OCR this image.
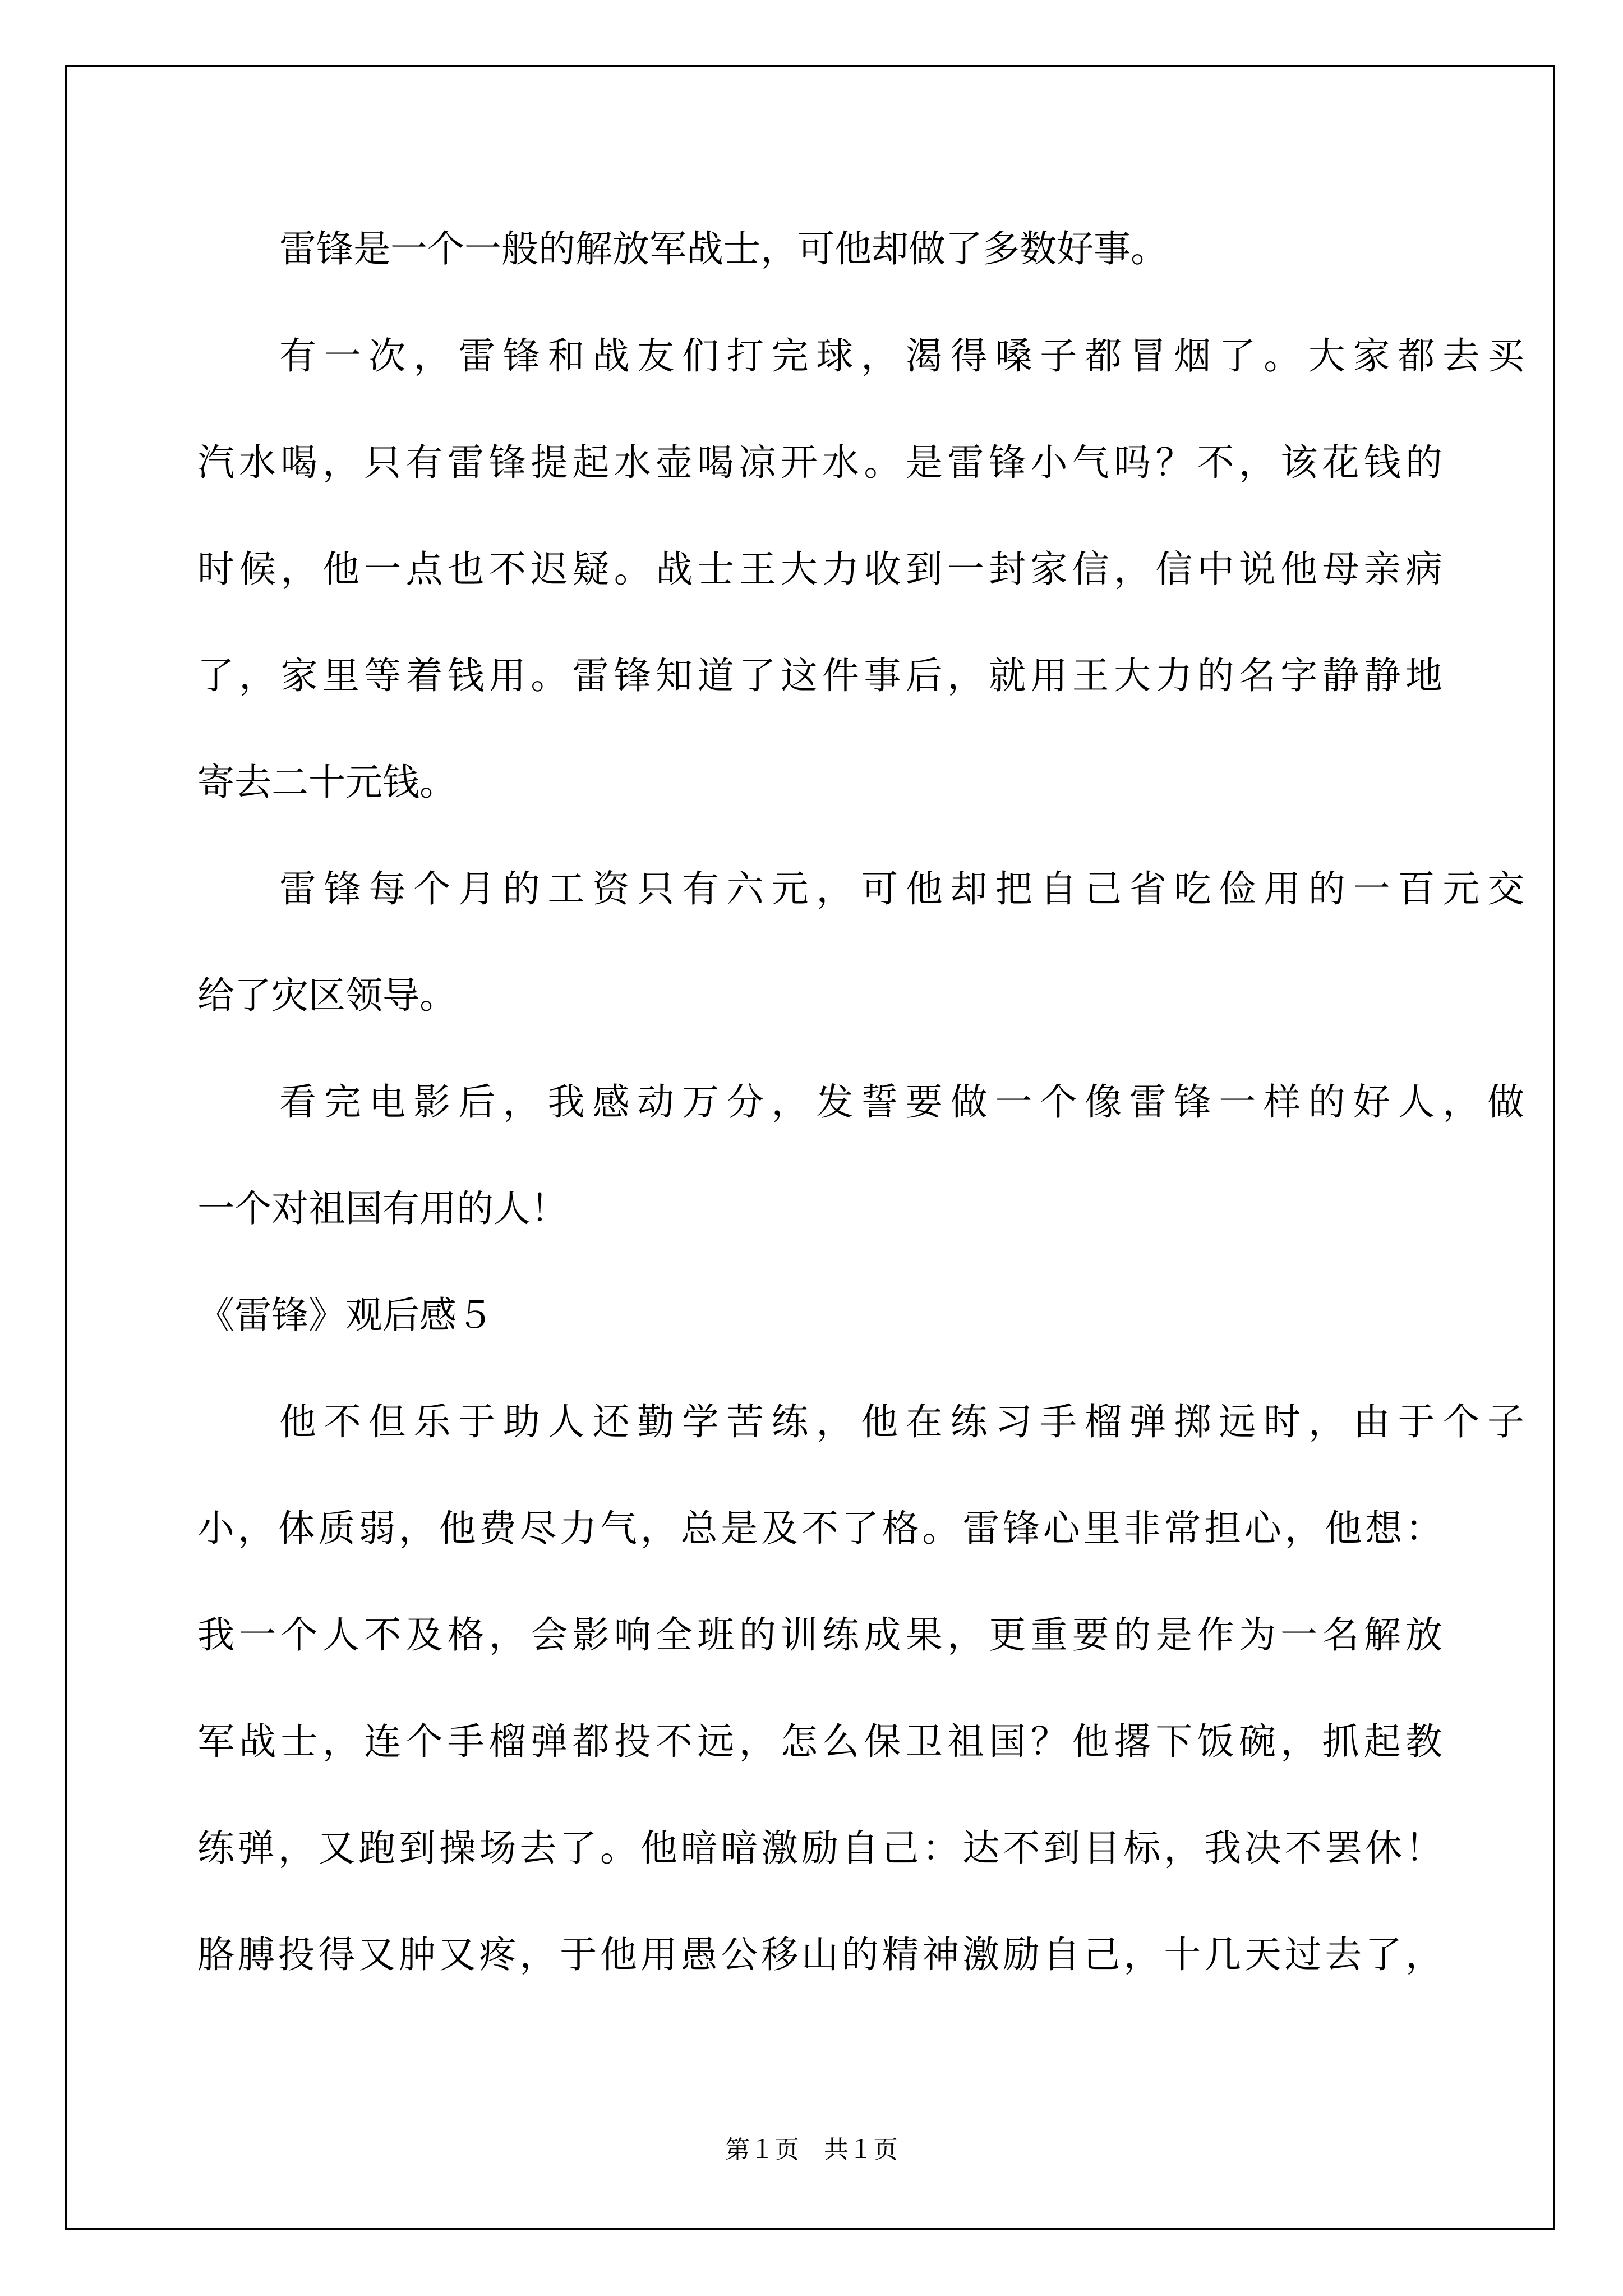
雷锋是一个一般的解放军战士，可他却做了多数好事。

有一次，雷锋和战友们打完球，渴得嗓子都冒烟了。大家都去买

汽水喝，只有雷锋提起水壶喝凉开水。是雷锋小气吗？不，该花钱的

时候，他一点也不迟疑。战士王大力收到一封家信，信中说他母亲病

了，家里等着钱用。雷锋知道了这件事后，就用王大力的名字静静地

寄去二十元钱。

雷锋每个月的工资只有六元，可他却把自己省吃俭用的一百元交

给了灾区领导。

看完电影后，我感动万分，发誓要做一个像雷锋一样的好人，做

一个对祖国有用的人！

《雷锋》观后感５

他不但乐于助人还勤学苦练，他在练习手榴弹掷远时，由于个子

小，体质弱，他费尽力气，总是及不了格。雷锋心里非常担心，他想：

我一个人不及格，会影响全班的训练成果，更重要的是作为一名解放

军战士，连个手榴弹都投不远，怎么保卫祖国？他撂下饭碗，抓起教

练弹，又跑到操场去了。他暗暗激励自己：达不到目标，我决不罢休！

胳膊投得又肿又疼，于他用愚公移山的精神激励自己，十几天过去了，

第１页 共１页
